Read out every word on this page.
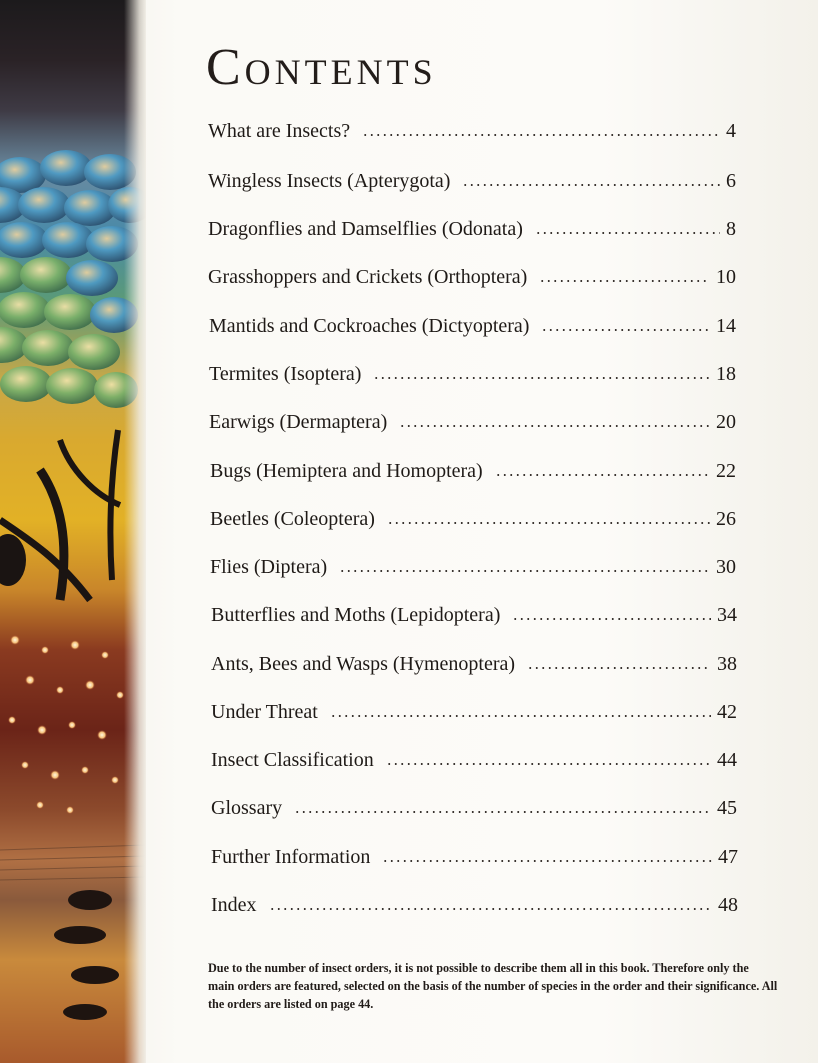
Contents
What are Insects?	4
Wingless Insects (Apterygota)	6
Dragonflies and Damselflies (Odonata)	8
Grasshoppers and Crickets (Orthoptera)	10
Mantids and Cockroaches (Dictyoptera)	14
Termites (Isoptera)	18
Earwigs (Dermaptera)	20
Bugs (Hemiptera and Homoptera)	22
Beetles (Coleoptera)	26
Flies (Diptera)	30
Butterflies and Moths (Lepidoptera)	34
Ants, Bees and Wasps (Hymenoptera)	38
Under Threat	42
Insect Classification	44
Glossary	45
Further Information	47
Index	48

Due to the number of insect orders, it is not possible to describe them all in this book. Therefore only the main orders are featured, selected on the basis of the number of species in the order and their significance. All the orders are listed on page 44.
